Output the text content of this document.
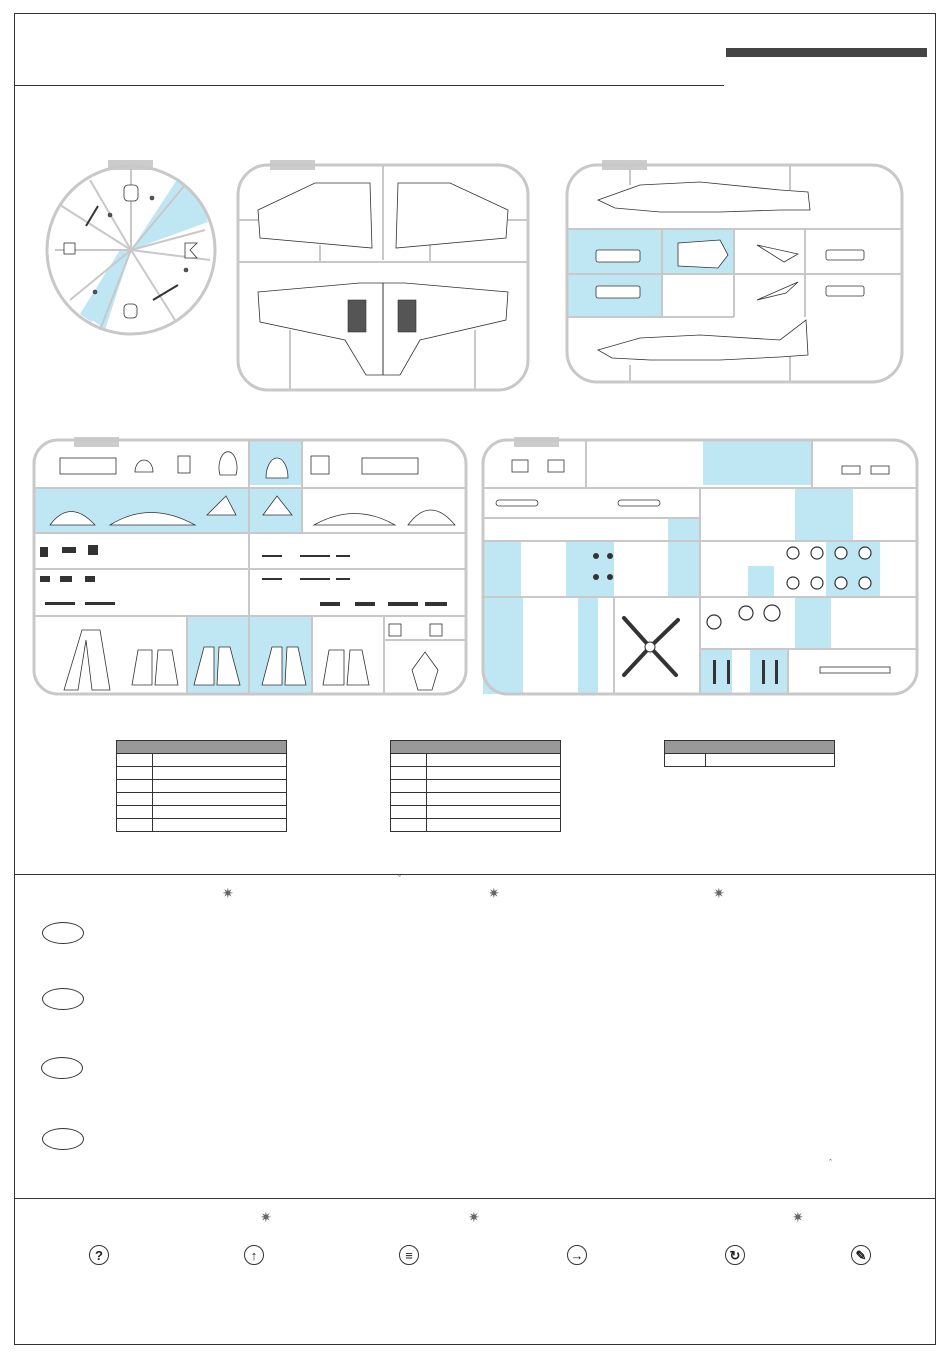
ˇ
✷	✷	✷
ˆ
✷	✷	✷
?	↑	≡	→	↻	✎
